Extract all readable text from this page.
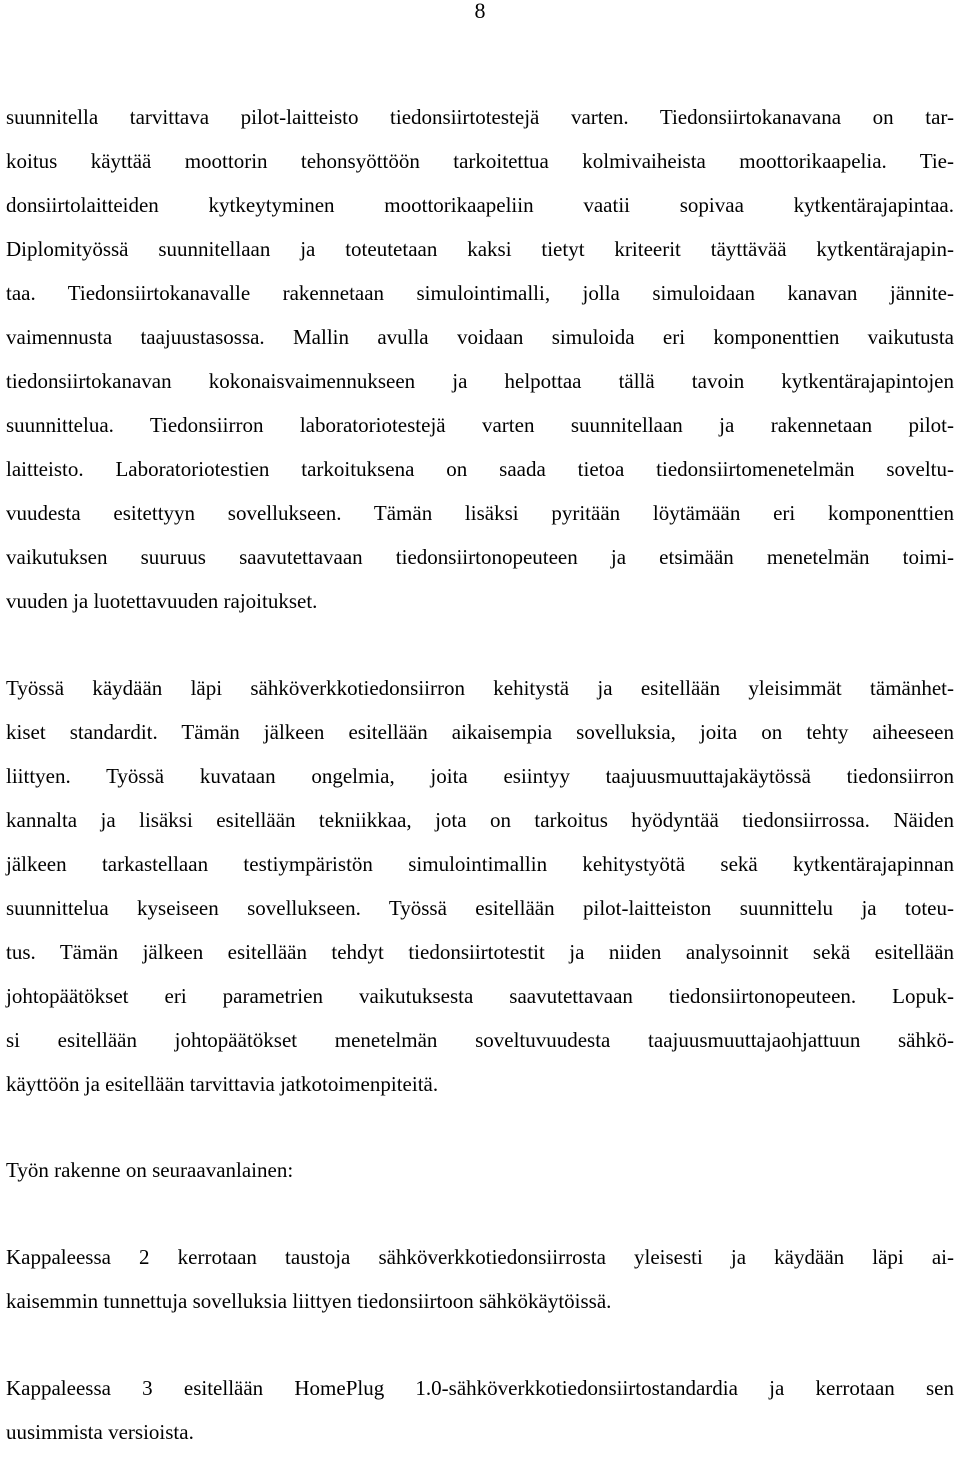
8
suunnitella tarvittava pilot-laitteisto tiedonsiirtotestejä varten. Tiedonsiirtokanavana on tar-
koitus käyttää moottorin tehonsyöttöön tarkoitettua kolmivaiheista moottorikaapelia. Tie-
donsiirtolaitteiden kytkeytyminen moottorikaapeliin vaatii sopivaa kytkentärajapintaa.
Diplomityössä suunnitellaan ja toteutetaan kaksi tietyt kriteerit täyttävää kytkentärajapin-
taa. Tiedonsiirtokanavalle rakennetaan simulointimalli, jolla simuloidaan kanavan jännite-
vaimennusta taajuustasossa. Mallin avulla voidaan simuloida eri komponenttien vaikutusta
tiedonsiirtokanavan kokonaisvaimennukseen ja helpottaa tällä tavoin kytkentärajapintojen
suunnittelua. Tiedonsiirron laboratoriotestejä varten suunnitellaan ja rakennetaan pilot-
laitteisto. Laboratoriotestien tarkoituksena on saada tietoa tiedonsiirtomenetelmän soveltu-
vuudesta esitettyyn sovellukseen. Tämän lisäksi pyritään löytämään eri komponenttien
vaikutuksen suuruus saavutettavaan tiedonsiirtonopeuteen ja etsimään menetelmän toimi-
vuuden ja luotettavuuden rajoitukset.
Työssä käydään läpi sähköverkkotiedonsiirron kehitystä ja esitellään yleisimmät tämänhet-
kiset standardit. Tämän jälkeen esitellään aikaisempia sovelluksia, joita on tehty aiheeseen
liittyen. Työssä kuvataan ongelmia, joita esiintyy taajuusmuuttajakäytössä tiedonsiirron
kannalta ja lisäksi esitellään tekniikkaa, jota on tarkoitus hyödyntää tiedonsiirrossa. Näiden
jälkeen tarkastellaan testiympäristön simulointimallin kehitystyötä sekä kytkentärajapinnan
suunnittelua kyseiseen sovellukseen. Työssä esitellään pilot-laitteiston suunnittelu ja toteu-
tus. Tämän jälkeen esitellään tehdyt tiedonsiirtotestit ja niiden analysoinnit sekä esitellään
johtopäätökset eri parametrien vaikutuksesta saavutettavaan tiedonsiirtonopeuteen. Lopuk-
si esitellään johtopäätökset menetelmän soveltuvuudesta taajuusmuuttajaohjattuun sähkö-
käyttöön ja esitellään tarvittavia jatkotoimenpiteitä.
Työn rakenne on seuraavanlainen:
Kappaleessa 2 kerrotaan taustoja sähköverkkotiedonsiirrosta yleisesti ja käydään läpi ai-
kaisemmin tunnettuja sovelluksia liittyen tiedonsiirtoon sähkökäytöissä.
Kappaleessa 3 esitellään HomePlug 1.0-sähköverkkotiedonsiirtostandardia ja kerrotaan sen
uusimmista versioista.
